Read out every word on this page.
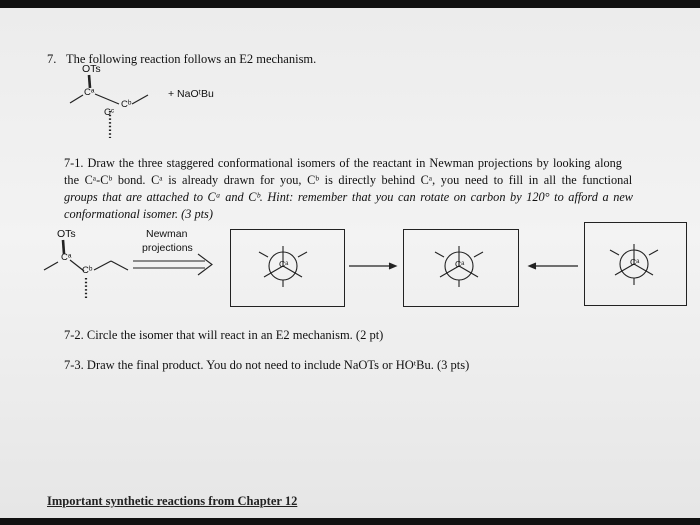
7. The following reaction follows an E2 mechanism.
OTs
Cᵃ
Cᵇ
Cᶜ
+ NaOᵗBu
7-1. Draw the three staggered conformational isomers of the reactant in Newman projections by looking along
the Cᵃ-Cᵇ bond. Cᵃ is already drawn for you, Cᵇ is directly behind Cᵃ, you need to fill in all the functional
groups that are attached to Cᵃ and Cᵇ. Hint: remember that you can rotate on carbon by 120° to afford a new
conformational isomer. (3 pts)
OTs
Cᵃ
Cᵇ
Newman
projections
Cᵃ	Cᵃ	Cᵃ
7-2. Circle the isomer that will react in an E2 mechanism. (2 pt)
7-3. Draw the final product. You do not need to include NaOTs or HOᵗBu. (3 pts)
Important synthetic reactions from Chapter 12
